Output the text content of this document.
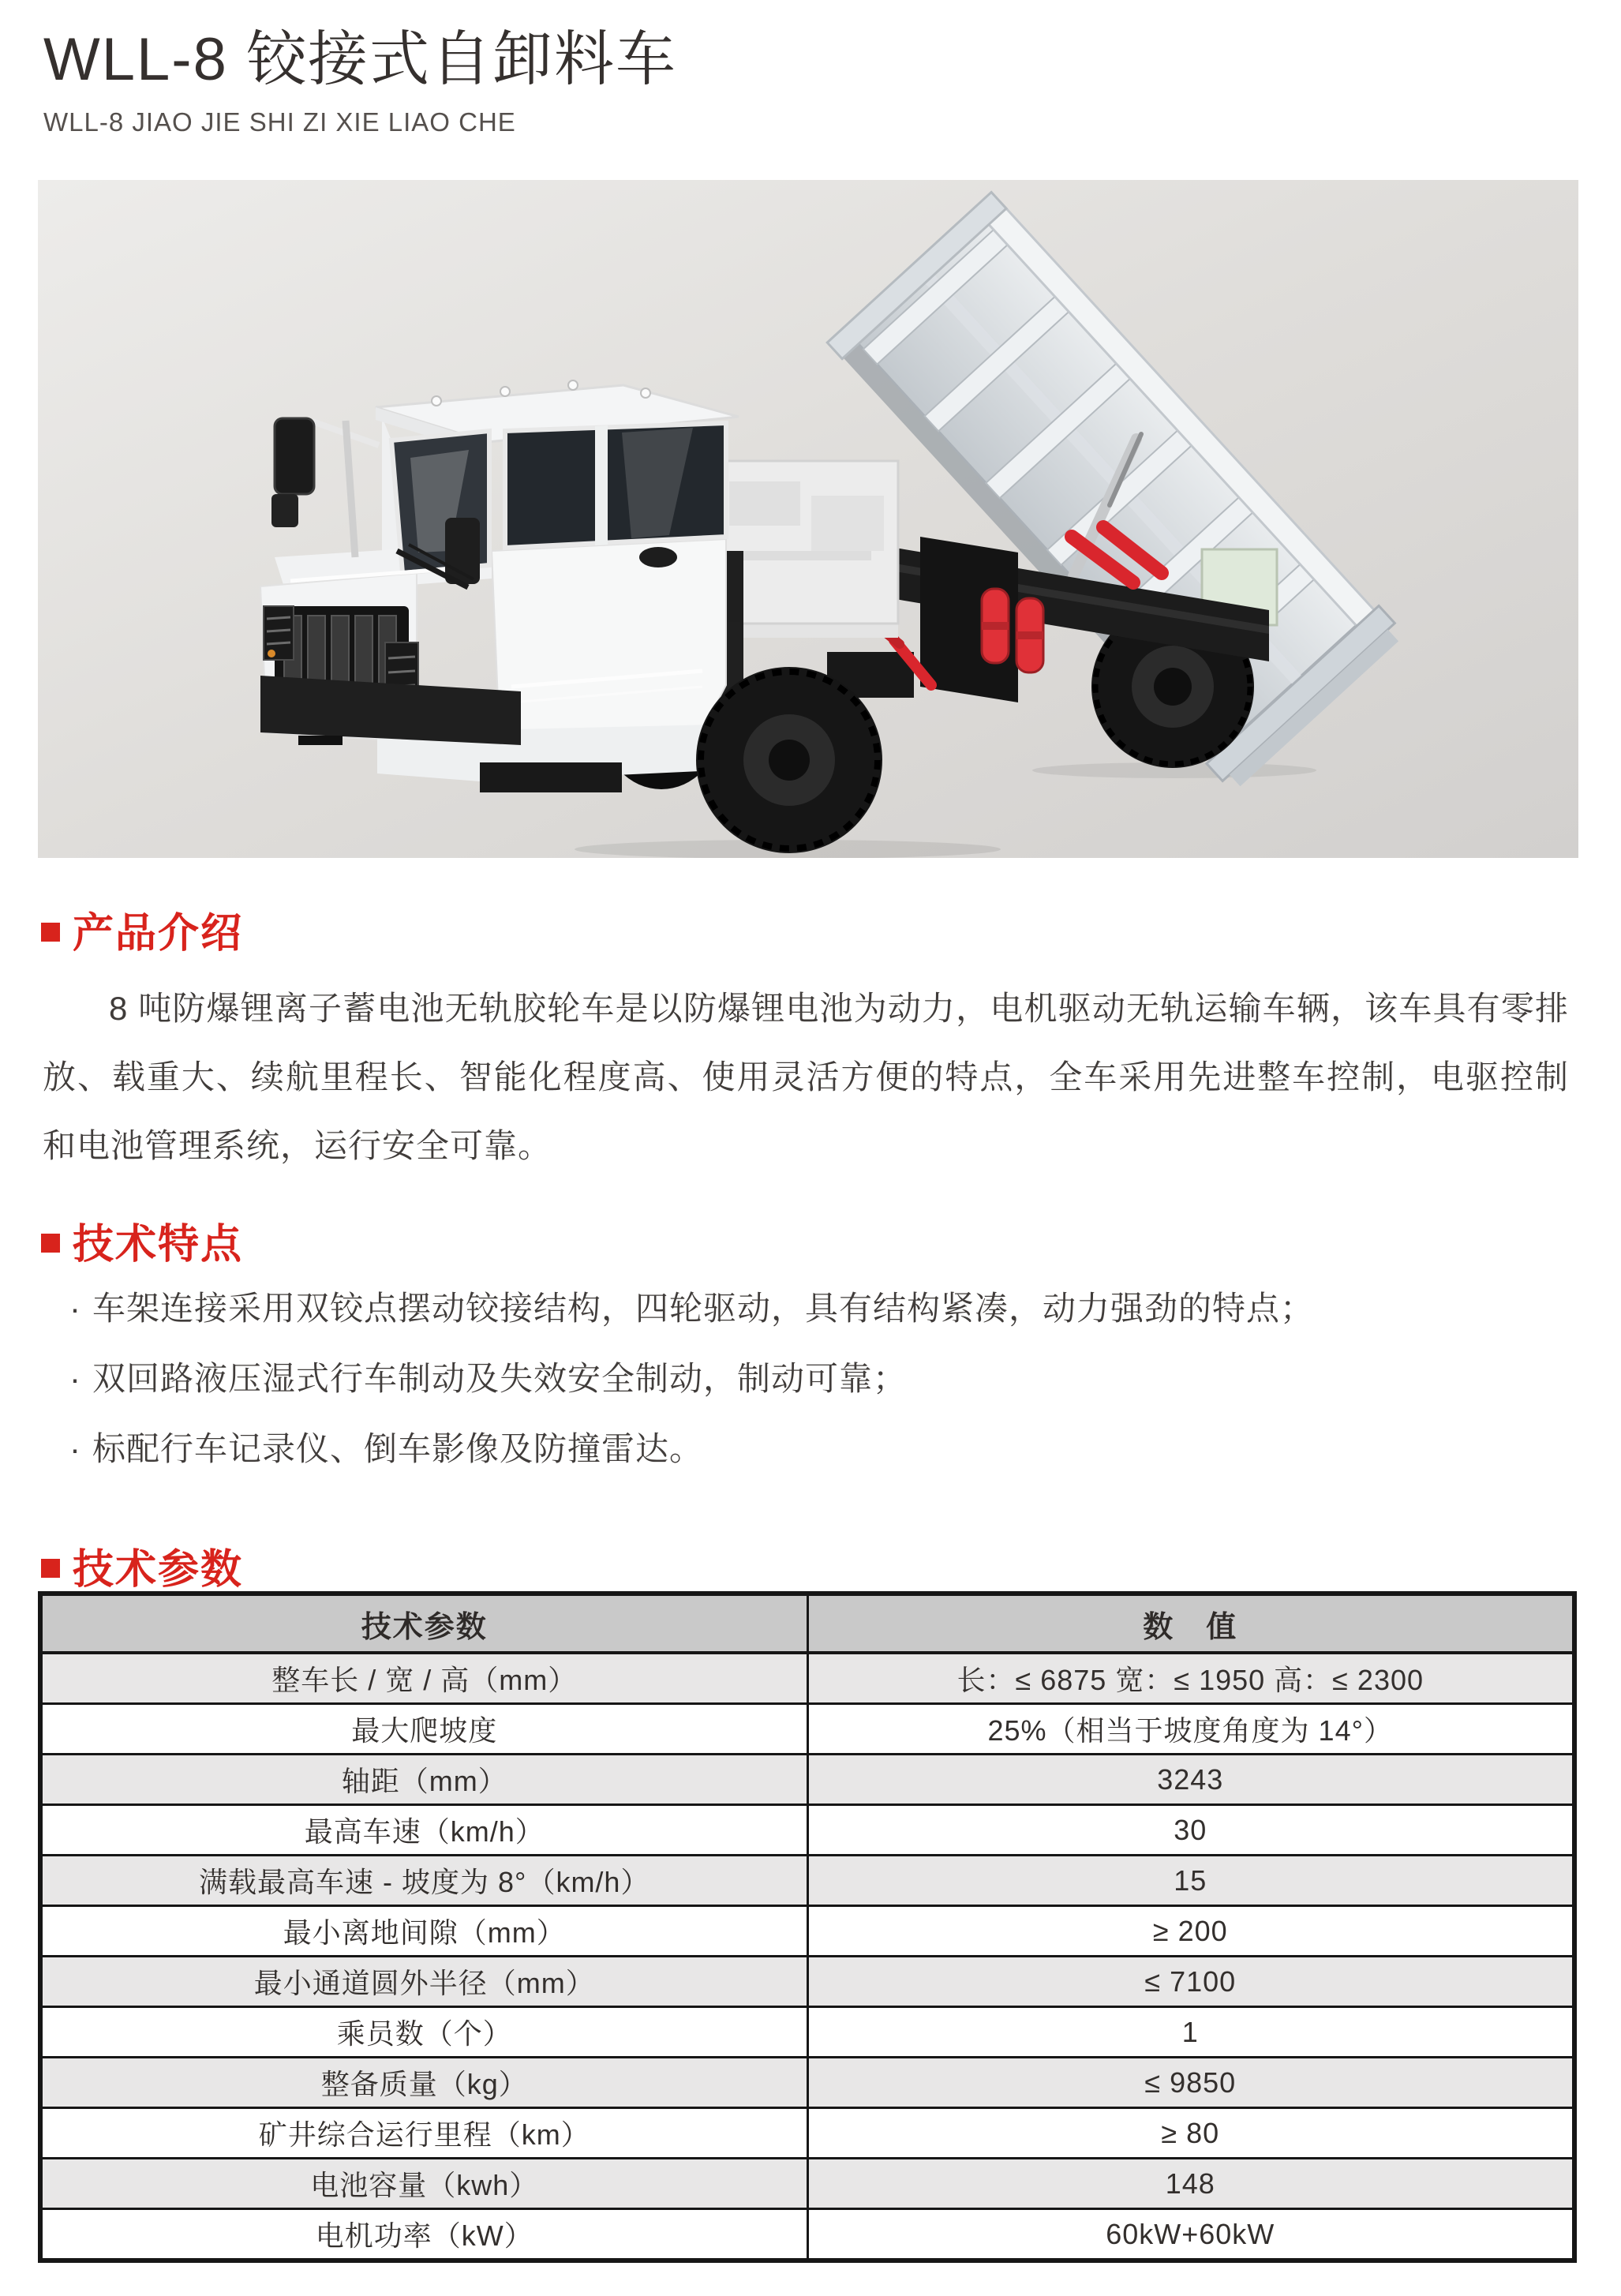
WLL-8 铰接式自卸料车
WLL-8 JIAO JIE SHI ZI XIE LIAO CHE
产品介绍

8 吨防爆锂离子蓄电池无轨胶轮车是以防爆锂电池为动力，电机驱动无轨运输车辆，该车具有零排放、载重大、续航里程长、智能化程度高、使用灵活方便的特点，全车采用先进整车控制，电驱控制和电池管理系统，运行安全可靠。

技术特点
· 车架连接采用双铰点摆动铰接结构，四轮驱动，具有结构紧凑，动力强劲的特点；
· 双回路液压湿式行车制动及失效安全制动，制动可靠；
· 标配行车记录仪、倒车影像及防撞雷达。
技术参数
技术参数	数　值
整车长 / 宽 / 高（mm）	长：≤ 6875 宽：≤ 1950 高：≤ 2300
最大爬坡度	25%（相当于坡度角度为 14°）
轴距（mm）	3243
最高车速（km/h）	30
满载最高车速 - 坡度为 8°（km/h）	15
最小离地间隙（mm）	≥ 200
最小通道圆外半径（mm）	≤ 7100
乘员数（个）	1
整备质量（kg）	≤ 9850
矿井综合运行里程（km）	≥ 80
电池容量（kwh）	148
电机功率（kW）	60kW+60kW
